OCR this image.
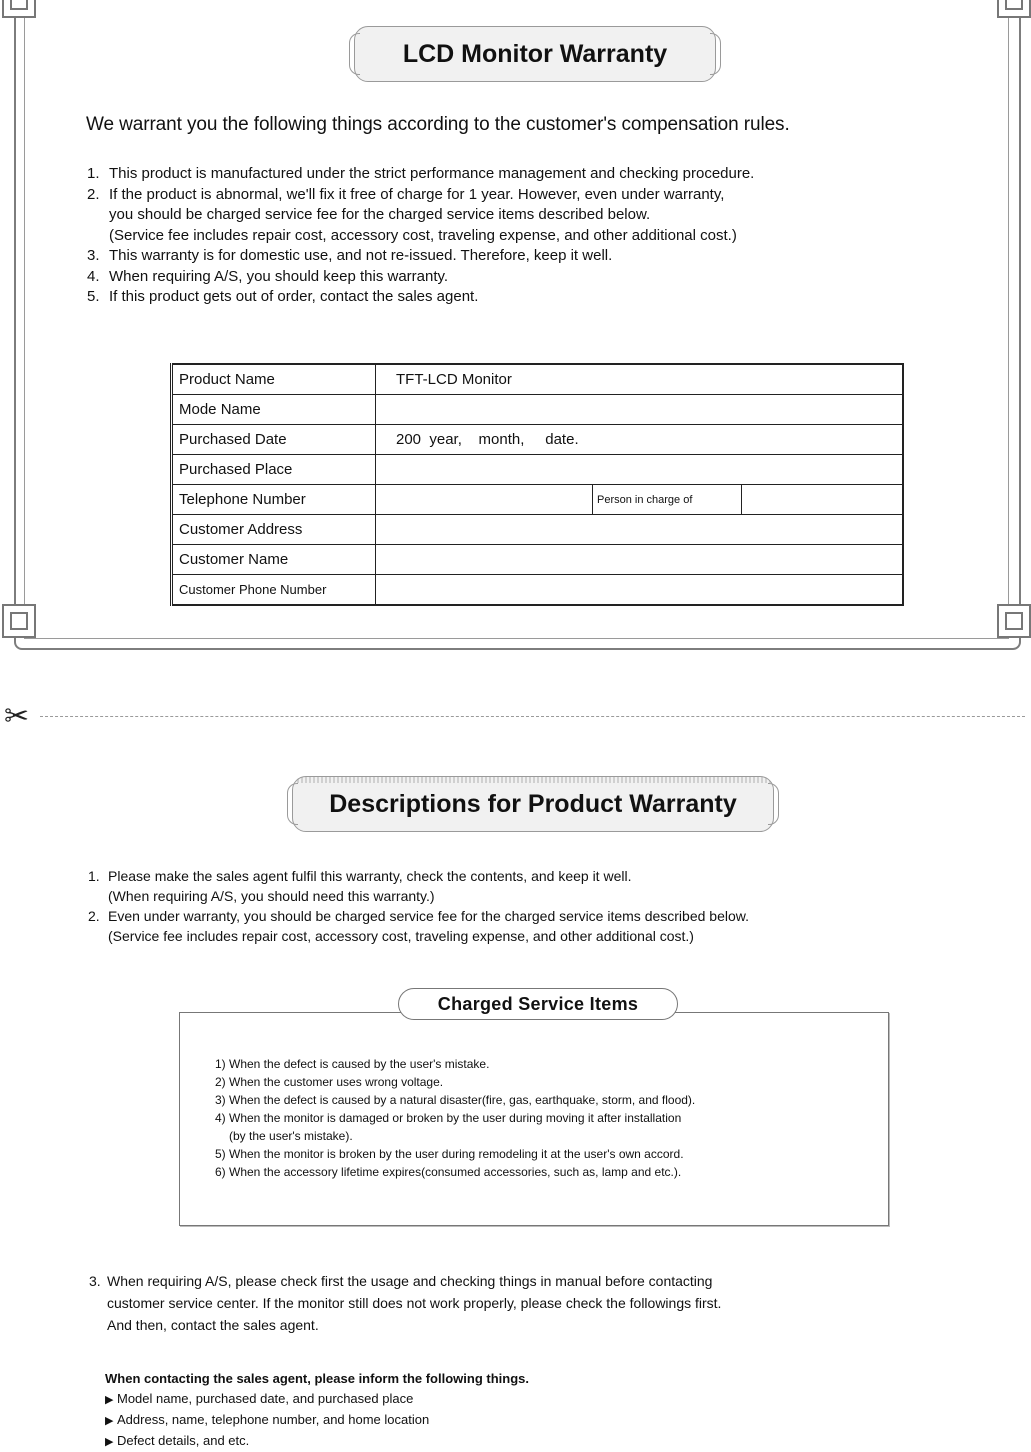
LCD Monitor Warranty
We warrant you the following things according to the customer's compensation rules.
1. This product is manufactured under the strict performance management and checking procedure.
2. If the product is abnormal, we'll fix it free of charge for 1 year. However, even under warranty,
you should be charged service fee for the charged service items described below.
(Service fee includes repair cost, accessory cost, traveling expense, and other additional cost.)
3. This warranty is for domestic use, and not re-issued. Therefore, keep it well.
4. When requiring A/S, you should keep this warranty.
5. If this product gets out of order, contact the sales agent.
Product Name	TFT-LCD Monitor		
Mode Name			
Purchased Date	200  year,    month,     date.		
Purchased Place			
Telephone Number		Person in charge of	
Customer Address			
Customer Name			
Customer Phone Number			
✂
Descriptions for Product Warranty
1. Please make the sales agent fulfil this warranty, check the contents, and keep it well.
(When requiring A/S, you should need this warranty.)
2. Even under warranty, you should be charged service fee for the charged service items described below.
(Service fee includes repair cost, accessory cost, traveling expense, and other additional cost.)
Charged Service Items
1) When the defect is caused by the user's mistake.
2) When the customer uses wrong voltage.
3) When the defect is caused by a natural disaster(fire, gas, earthquake, storm, and flood).
4) When the monitor is damaged or broken by the user during moving it after installation
(by the user's mistake).
5) When the monitor is broken by the user during remodeling it at the user's own accord.
6) When the accessory lifetime expires(consumed accessories, such as, lamp and etc.).
3. When requiring A/S, please check first the usage and checking things in manual before contacting
customer service center. If the monitor still does not work properly, please check the followings first.
And then, contact the sales agent.
When contacting the sales agent, please inform the following things.
▶ Model name, purchased date, and purchased place
▶ Address, name, telephone number, and home location
▶ Defect details, and etc.
